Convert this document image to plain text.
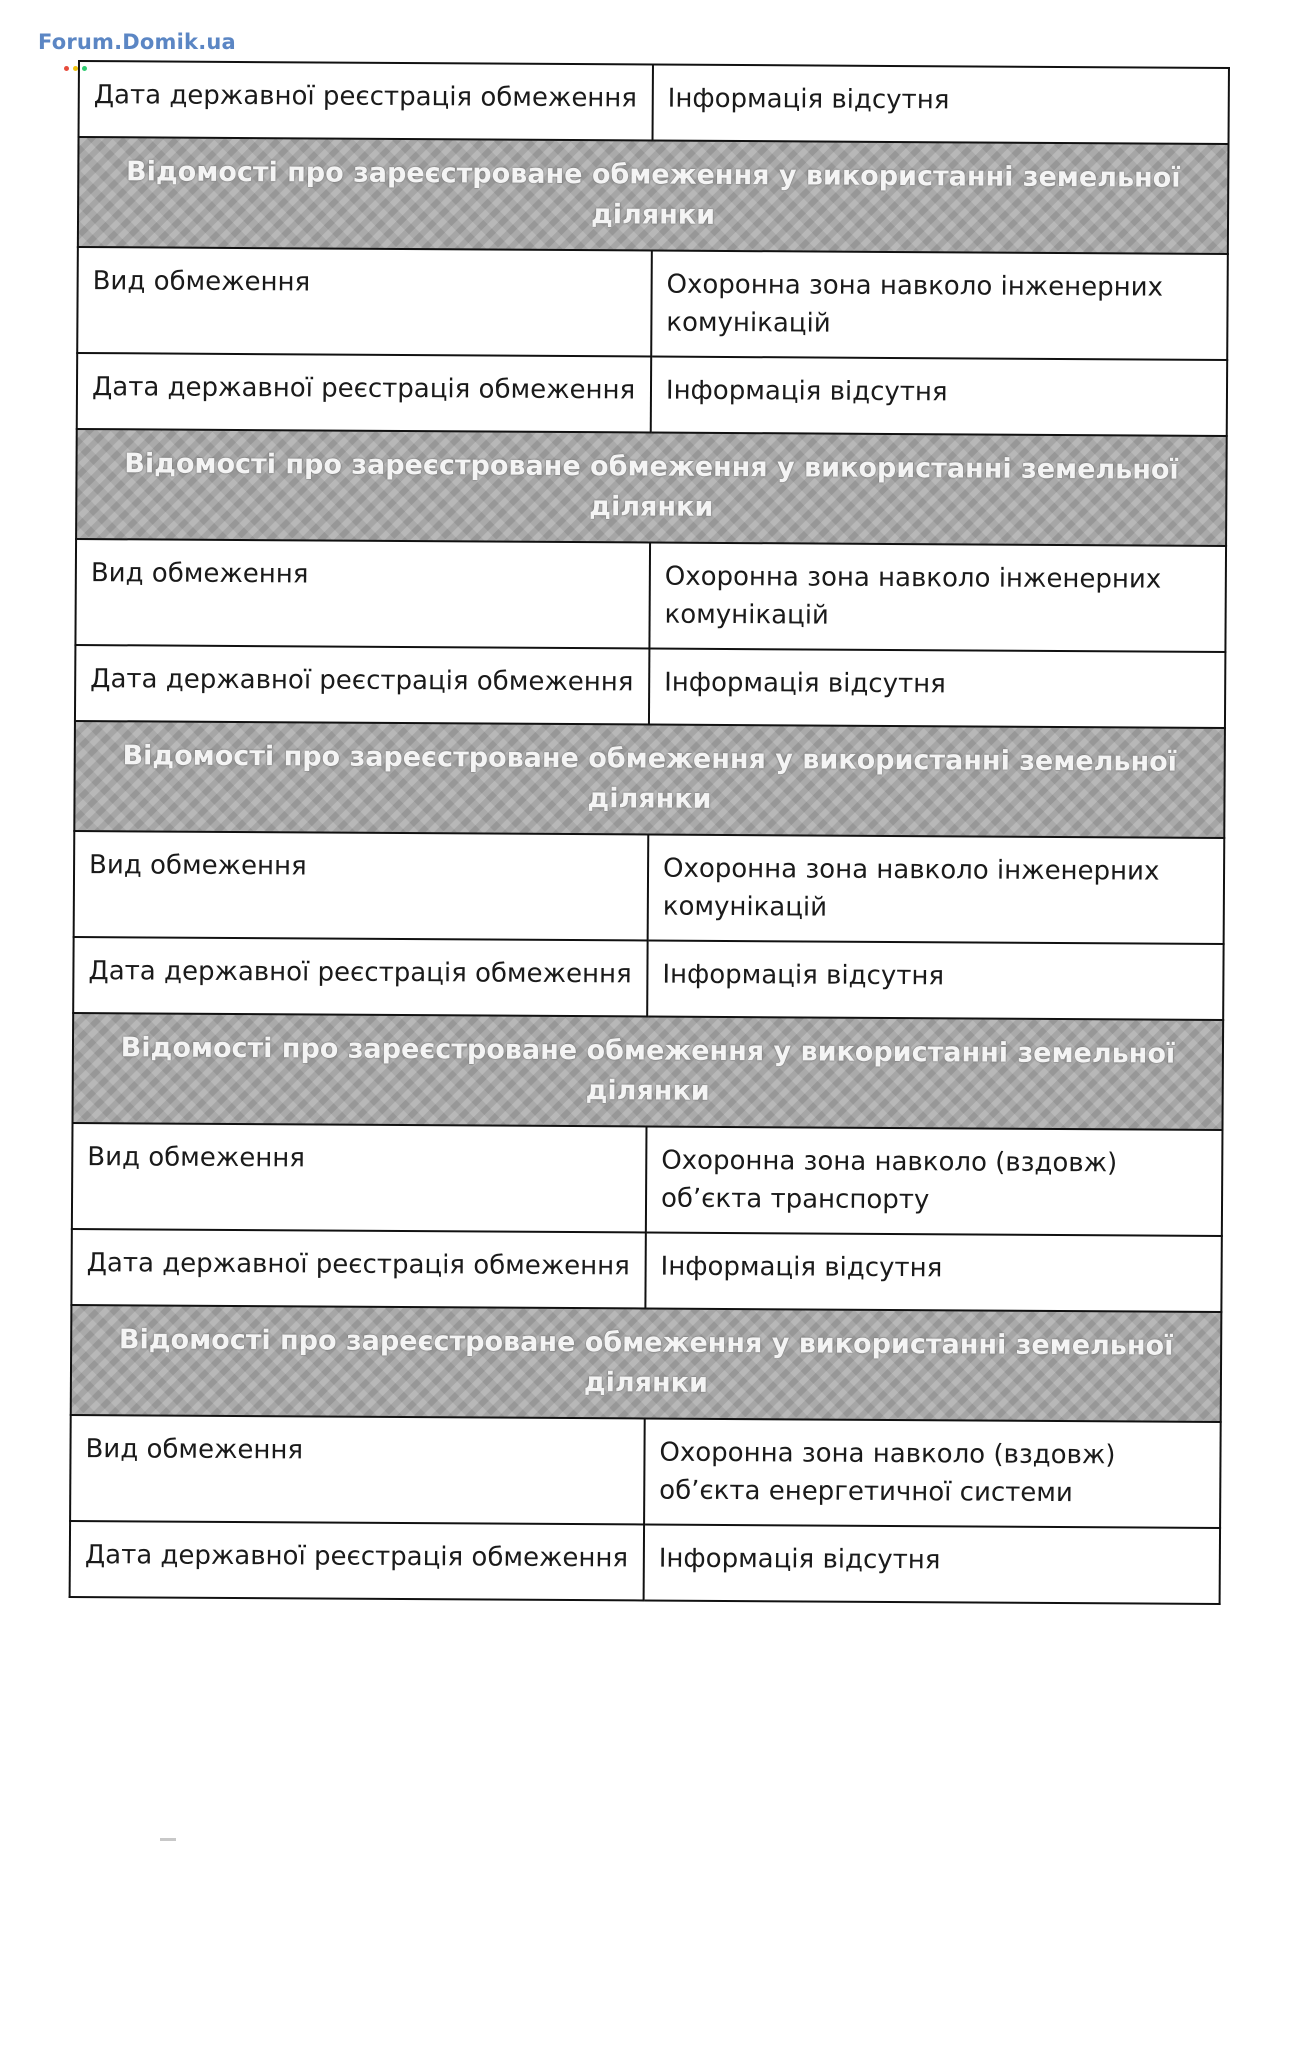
Forum.Domik.ua
Дата державної реєстрація обмеження	Інформація відсутня
Відомості про зареєстроване обмеження у використанні земельної ділянки	
Вид обмеження	Охоронна зона навколо інженерних комунікацій
Дата державної реєстрація обмеження	Інформація відсутня
Відомості про зареєстроване обмеження у використанні земельної ділянки	
Вид обмеження	Охоронна зона навколо інженерних комунікацій
Дата державної реєстрація обмеження	Інформація відсутня
Відомості про зареєстроване обмеження у використанні земельної ділянки	
Вид обмеження	Охоронна зона навколо інженерних комунікацій
Дата державної реєстрація обмеження	Інформація відсутня
Відомості про зареєстроване обмеження у використанні земельної ділянки	
Вид обмеження	Охоронна зона навколо (вздовж) об’єкта транспорту
Дата державної реєстрація обмеження	Інформація відсутня
Відомості про зареєстроване обмеження у використанні земельної ділянки	
Вид обмеження	Охоронна зона навколо (вздовж) об’єкта енергетичної системи
Дата державної реєстрація обмеження	Інформація відсутня
